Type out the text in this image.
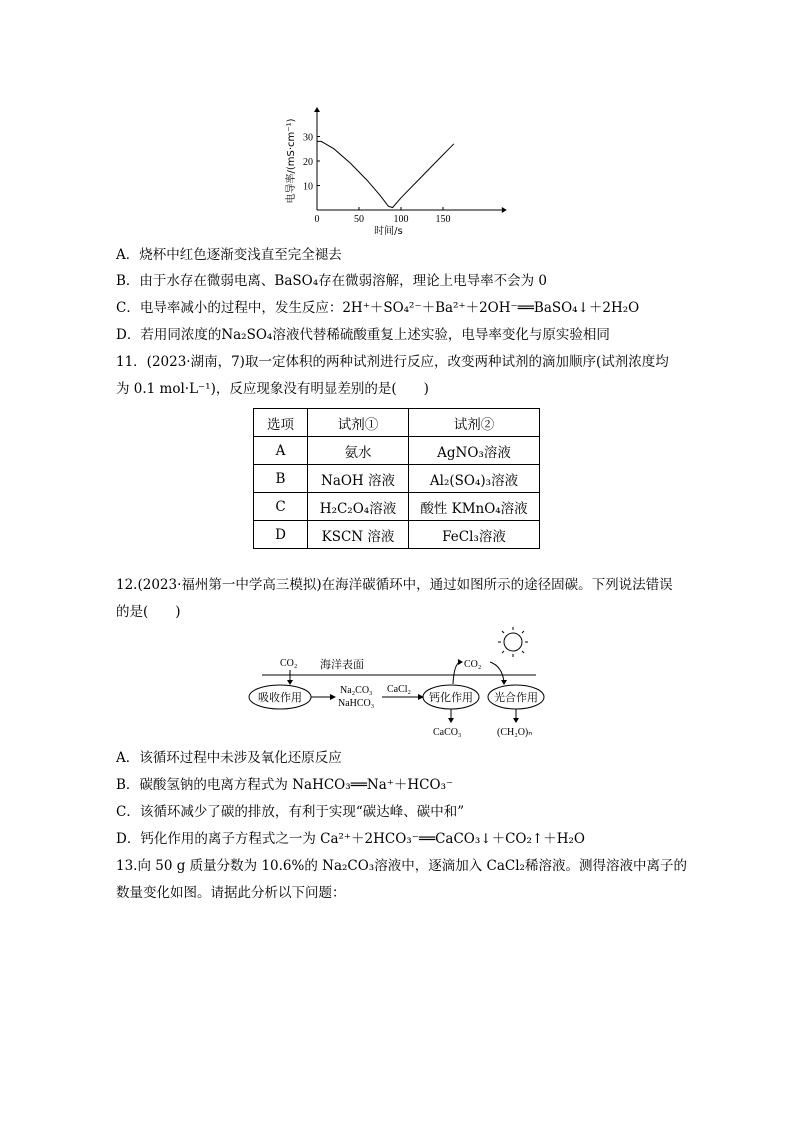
0	50	100	150
10
20
30
时间/s
电导率/(mS·cm⁻¹)
A．烧杯中红色逐渐变浅直至完全褪去
B．由于水存在微弱电离、BaSO₄存在微弱溶解，理论上电导率不会为 0
C．电导率减小的过程中，发生反应：2H⁺＋SO₄²⁻＋Ba²⁺＋2OH⁻══BaSO₄↓＋2H₂O
D．若用同浓度的Na₂SO₄溶液代替稀硫酸重复上述实验，电导率变化与原实验相同
11．(2023·湖南，7)取一定体积的两种试剂进行反应，改变两种试剂的滴加顺序(试剂浓度均
为 0.1 mol·L⁻¹)，反应现象没有明显差别的是(　　)
选项	试剂①	试剂②
A	氨水	AgNO₃溶液
B	NaOH 溶液	Al₂(SO₄)₃溶液
C	H₂C₂O₄溶液	酸性 KMnO₄溶液
D	KSCN 溶液	FeCl₃溶液
12.(2023·福州第一中学高三模拟)在海洋碳循环中，通过如图所示的途径固碳。下列说法错误
的是(　　)
CO₂ 海洋表面
吸收作用
Na₂CO₃
NaHCO₃
CaCl₂
钙化作用
CO₂
CaCO₃
光合作用
(CH₂O)ₙ
A．该循环过程中未涉及氧化还原反应
B．碳酸氢钠的电离方程式为 NaHCO₃══Na⁺＋HCO₃⁻
C．该循环减少了碳的排放，有利于实现“碳达峰、碳中和”
D．钙化作用的离子方程式之一为 Ca²⁺＋2HCO₃⁻══CaCO₃↓＋CO₂↑＋H₂O
13.向 50 g 质量分数为 10.6%的 Na₂CO₃溶液中，逐滴加入 CaCl₂稀溶液。测得溶液中离子的
数量变化如图。请据此分析以下问题：
